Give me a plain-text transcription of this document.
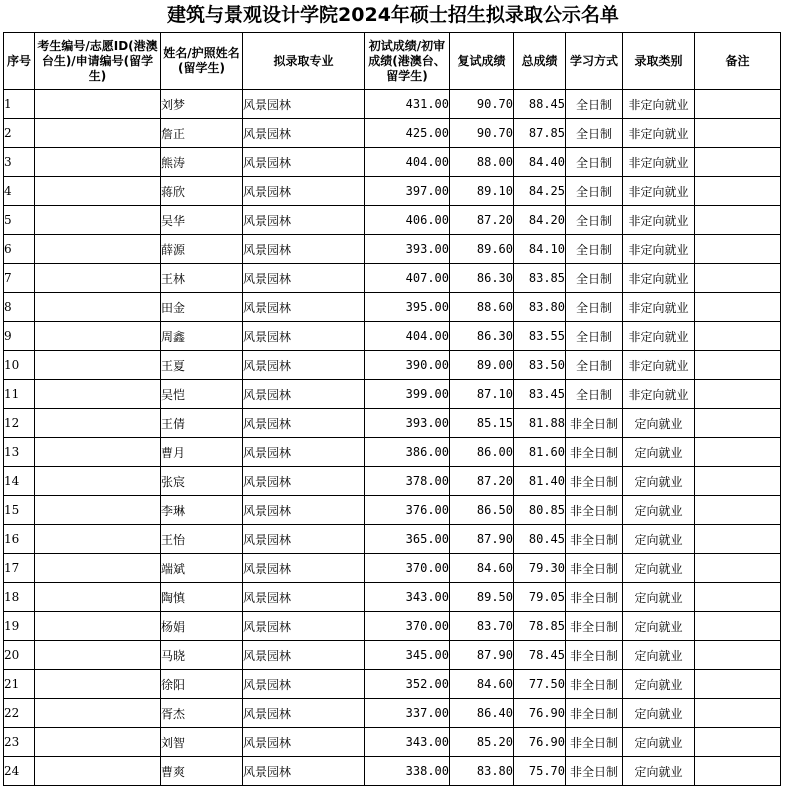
建筑与景观设计学院2024年硕士招生拟录取公示名单
序号	考生编号/志愿ID(港澳台生)/申请编号(留学生)	姓名/护照姓名(留学生)	拟录取专业	初试成绩/初审成绩(港澳台、留学生)	复试成绩	总成绩	学习方式	录取类别	备注
1		刘梦	风景园林	431.00	90.70	88.45	全日制	非定向就业	
2		詹正	风景园林	425.00	90.70	87.85	全日制	非定向就业	
3		熊涛	风景园林	404.00	88.00	84.40	全日制	非定向就业	
4		蒋欣	风景园林	397.00	89.10	84.25	全日制	非定向就业	
5		吴华	风景园林	406.00	87.20	84.20	全日制	非定向就业	
6		薛源	风景园林	393.00	89.60	84.10	全日制	非定向就业	
7		王林	风景园林	407.00	86.30	83.85	全日制	非定向就业	
8		田金	风景园林	395.00	88.60	83.80	全日制	非定向就业	
9		周鑫	风景园林	404.00	86.30	83.55	全日制	非定向就业	
10		王夏	风景园林	390.00	89.00	83.50	全日制	非定向就业	
11		吴恺	风景园林	399.00	87.10	83.45	全日制	非定向就业	
12		王倩	风景园林	393.00	85.15	81.88	非全日制	定向就业	
13		曹月	风景园林	386.00	86.00	81.60	非全日制	定向就业	
14		张宸	风景园林	378.00	87.20	81.40	非全日制	定向就业	
15		李琳	风景园林	376.00	86.50	80.85	非全日制	定向就业	
16		王怡	风景园林	365.00	87.90	80.45	非全日制	定向就业	
17		端斌	风景园林	370.00	84.60	79.30	非全日制	定向就业	
18		陶慎	风景园林	343.00	89.50	79.05	非全日制	定向就业	
19		杨娟	风景园林	370.00	83.70	78.85	非全日制	定向就业	
20		马晓	风景园林	345.00	87.90	78.45	非全日制	定向就业	
21		徐阳	风景园林	352.00	84.60	77.50	非全日制	定向就业	
22		胥杰	风景园林	337.00	86.40	76.90	非全日制	定向就业	
23		刘智	风景园林	343.00	85.20	76.90	非全日制	定向就业	
24		曹爽	风景园林	338.00	83.80	75.70	非全日制	定向就业	
